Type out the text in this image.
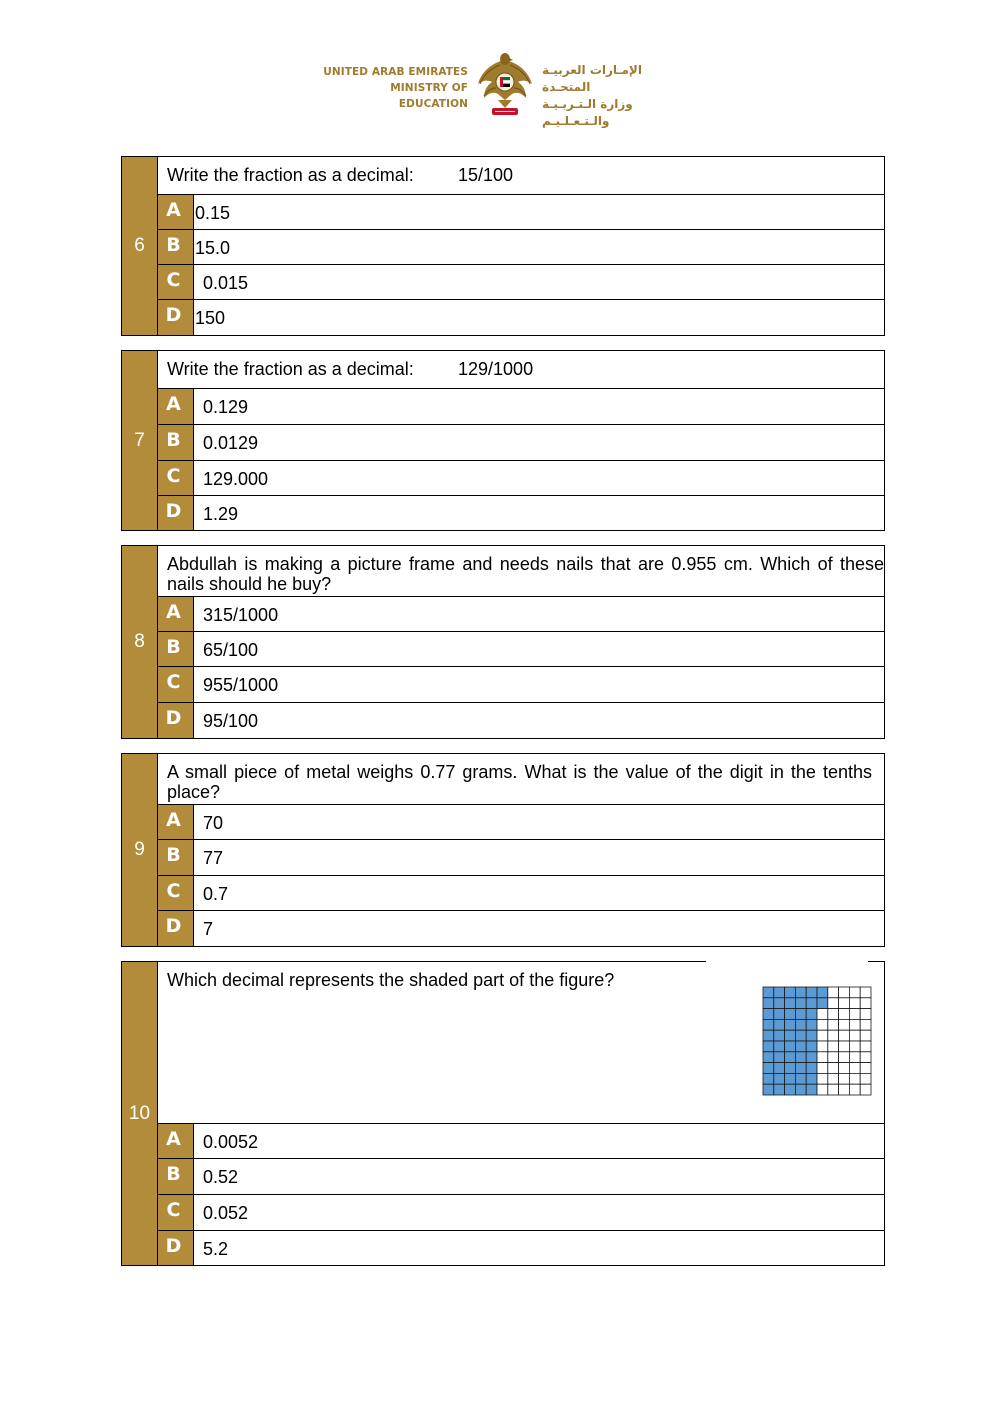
UNITED ARAB EMIRATES
MINISTRY OF EDUCATION
الإمـارات العربيـة المتحـدة
وزارة الـتـربـيـة والـتـعـلـيـم
6
Write the fraction as a decimal: 15/100
A 0.15
B 15.0
C	0.015
D 150
7
Write the fraction as a decimal: 129/1000
A	0.129
B	0.0129
C	129.000
D	1.29
8
Abdullah is making a picture frame and needs nails that are 0.955 cm. Which of these nails should he buy?
A	315/1000
B	65/100
C	955/1000
D	95/100
9
A small piece of metal weighs 0.77 grams. What is the value of the digit in the tenths place?
A	70
B	77
C	0.7
D	7
10
Which decimal represents the shaded part of the figure?
A	0.0052
B	0.52
C	0.052
D	5.2
